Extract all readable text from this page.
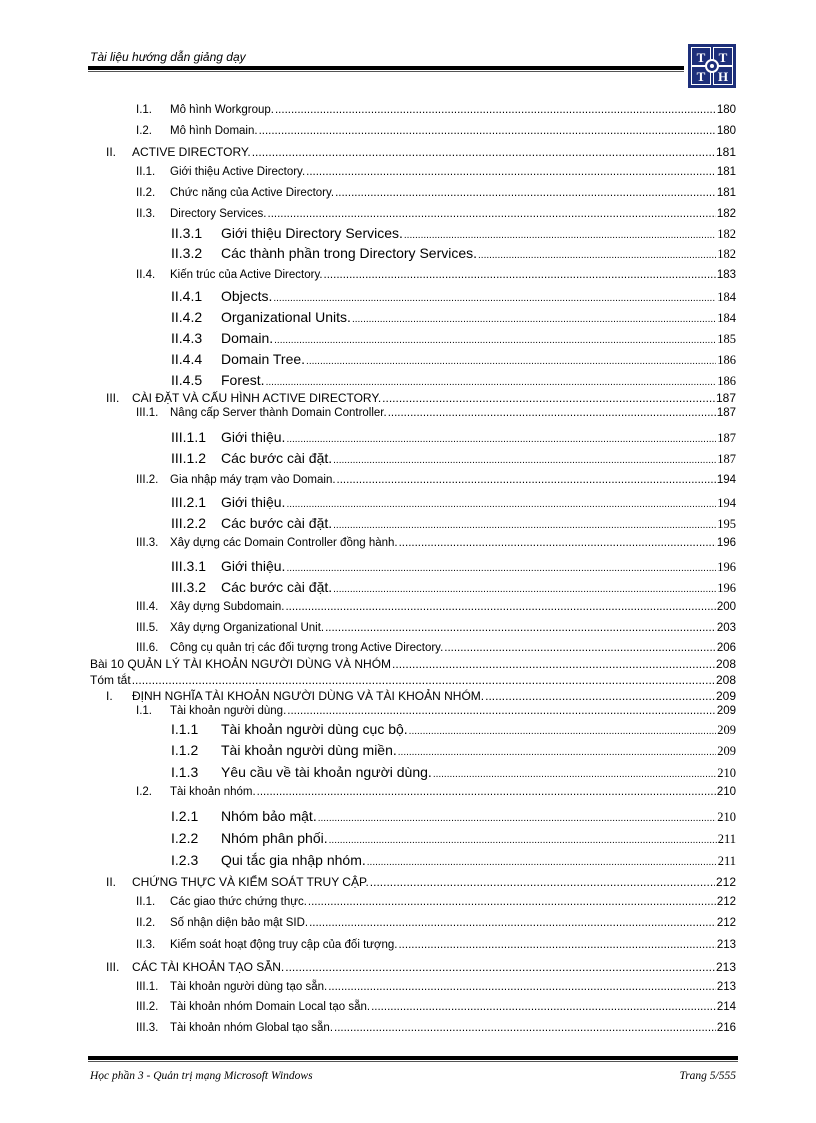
Tài liệu hướng dẫn giảng dạy	T	T
T H
I.1.	Mô hình Workgroup. .....	180
I.2.	Mô hình Domain. .....	180
II.	ACTIVE DIRECTORY. .....	181
II.1.	Giới thiệu Active Directory. .....	181
II.2.	Chức năng của Active Directory. .....	181
II.3.	Directory Services. .....	182
II.3.1	Giới thiệu Directory Services. .....	182
II.3.2	Các thành phần trong Directory Services. .....	182
II.4.	Kiến trúc của Active Directory. .....	183
II.4.1	Objects. .....	184
II.4.2	Organizational Units. .....	184
II.4.3	Domain. .....	185
II.4.4	Domain Tree. .....	186
II.4.5	Forest. .....	186
III.	CÀI ĐẶT VÀ CẤU HÌNH ACTIVE DIRECTORY. .....	187
III.1.	Nâng cấp Server thành Domain Controller. .....	187
III.1.1	Giới thiệu. .....	187
III.1.2	Các bước cài đặt. .....	187
III.2.	Gia nhập máy trạm vào Domain. .....	194
III.2.1	Giới thiệu. .....	194
III.2.2	Các bước cài đặt. .....	195
III.3.	Xây dựng các Domain Controller đồng hành. .....	196
III.3.1	Giới thiệu. .....	196
III.3.2	Các bước cài đặt. .....	196
III.4.	Xây dựng Subdomain. .....	200
III.5.	Xây dựng Organizational Unit. .....	203
III.6.	Công cụ quản trị các đối tượng trong Active Directory. .....	206
Bài 10 QUẢN LÝ TÀI KHOẢN NGƯỜI DÙNG VÀ NHÓM .....	208
Tóm tắt .....	208
I.	ĐỊNH NGHĨA TÀI KHOẢN NGƯỜI DÙNG VÀ TÀI KHOẢN NHÓM. .....	209
I.1.	Tài khoản người dùng. .....	209
I.1.1	Tài khoản người dùng cục bộ. .....	209
I.1.2	Tài khoản người dùng miền. .....	209
I.1.3	Yêu cầu về tài khoản người dùng. .....	210
I.2.	Tài khoản nhóm. .....	210
I.2.1	Nhóm bảo mật. .....	210
I.2.2	Nhóm phân phối. .....	211
I.2.3	Qui tắc gia nhập nhóm. .....	211
II.	CHỨNG THỰC VÀ KIỂM SOÁT TRUY CẬP. .....	212
II.1.	Các giao thức chứng thực. .....	212
II.2.	Số nhận diện bảo mật SID. .....	212
II.3.	Kiểm soát hoạt động truy cập của đối tượng. .....	213
III.	CÁC TÀI KHOẢN TẠO SẴN. .....	213
III.1.	Tài khoản người dùng tạo sẵn. .....	213
III.2.	Tài khoản nhóm Domain Local tạo sẵn. .....	214
III.3.	Tài khoản nhóm Global tạo sẵn. .....	216
Học phần 3 - Quản trị mạng Microsoft Windows	Trang 5/555
